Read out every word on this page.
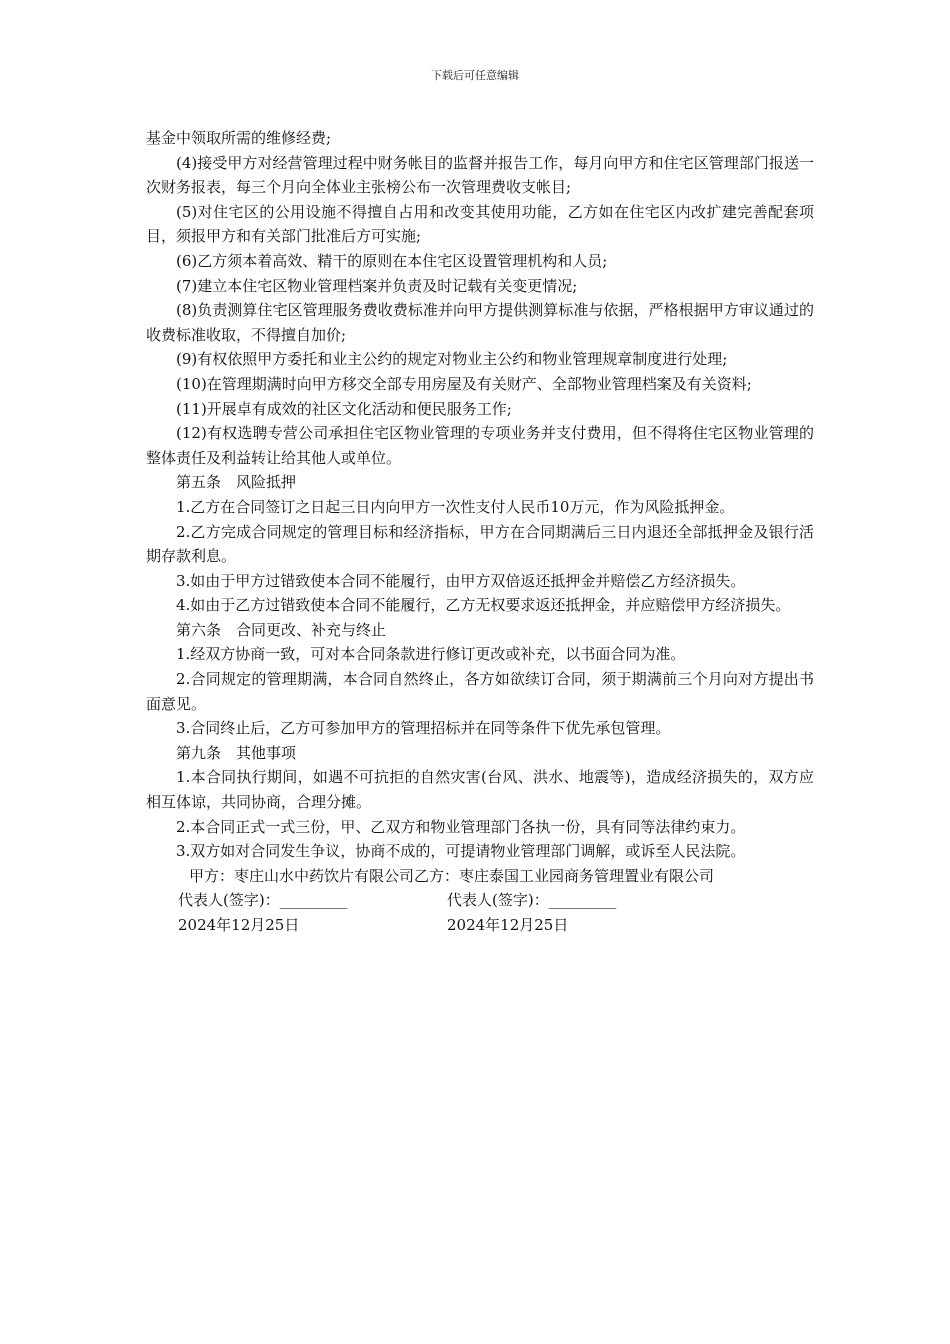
下载后可任意编辑

基金中领取所需的维修经费;

(4)接受甲方对经营管理过程中财务帐目的监督并报告工作，每月向甲方和住宅区管理部门报送一次财务报表，每三个月向全体业主张榜公布一次管理费收支帐目;

(5)对住宅区的公用设施不得擅自占用和改变其使用功能，乙方如在住宅区内改扩建完善配套项目，须报甲方和有关部门批准后方可实施;

(6)乙方须本着高效、精干的原则在本住宅区设置管理机构和人员;

(7)建立本住宅区物业管理档案并负责及时记载有关变更情况;

(8)负责测算住宅区管理服务费收费标准并向甲方提供测算标准与依据，严格根据甲方审议通过的收费标准收取，不得擅自加价;

(9)有权依照甲方委托和业主公约的规定对物业主公约和物业管理规章制度进行处理;

(10)在管理期满时向甲方移交全部专用房屋及有关财产、全部物业管理档案及有关资料;

(11)开展卓有成效的社区文化活动和便民服务工作;

(12)有权选聘专营公司承担住宅区物业管理的专项业务并支付费用，但不得将住宅区物业管理的整体责任及利益转让给其他人或单位。

第五条　风险抵押

1.乙方在合同签订之日起三日内向甲方一次性支付人民币10万元，作为风险抵押金。

2.乙方完成合同规定的管理目标和经济指标，甲方在合同期满后三日内退还全部抵押金及银行活期存款利息。

3.如由于甲方过错致使本合同不能履行，由甲方双倍返还抵押金并赔偿乙方经济损失。

4.如由于乙方过错致使本合同不能履行，乙方无权要求返还抵押金，并应赔偿甲方经济损失。

第六条　合同更改、补充与终止

1.经双方协商一致，可对本合同条款进行修订更改或补充，以书面合同为准。

2.合同规定的管理期满，本合同自然终止，各方如欲续订合同，须于期满前三个月向对方提出书面意见。

3.合同终止后，乙方可参加甲方的管理招标并在同等条件下优先承包管理。

第九条　其他事项

1.本合同执行期间，如遇不可抗拒的自然灾害(台风、洪水、地震等)，造成经济损失的，双方应相互体谅，共同协商，合理分摊。

2.本合同正式一式三份，甲、乙双方和物业管理部门各执一份，具有同等法律约束力。

3.双方如对合同发生争议，协商不成的，可提请物业管理部门调解，或诉至人民法院。

甲方：枣庄山水中药饮片有限公司乙方：枣庄泰国工业园商务管理置业有限公司

代表人(签字)：_________	代表人(签字)：_________
2024年12月25日	2024年12月25日
